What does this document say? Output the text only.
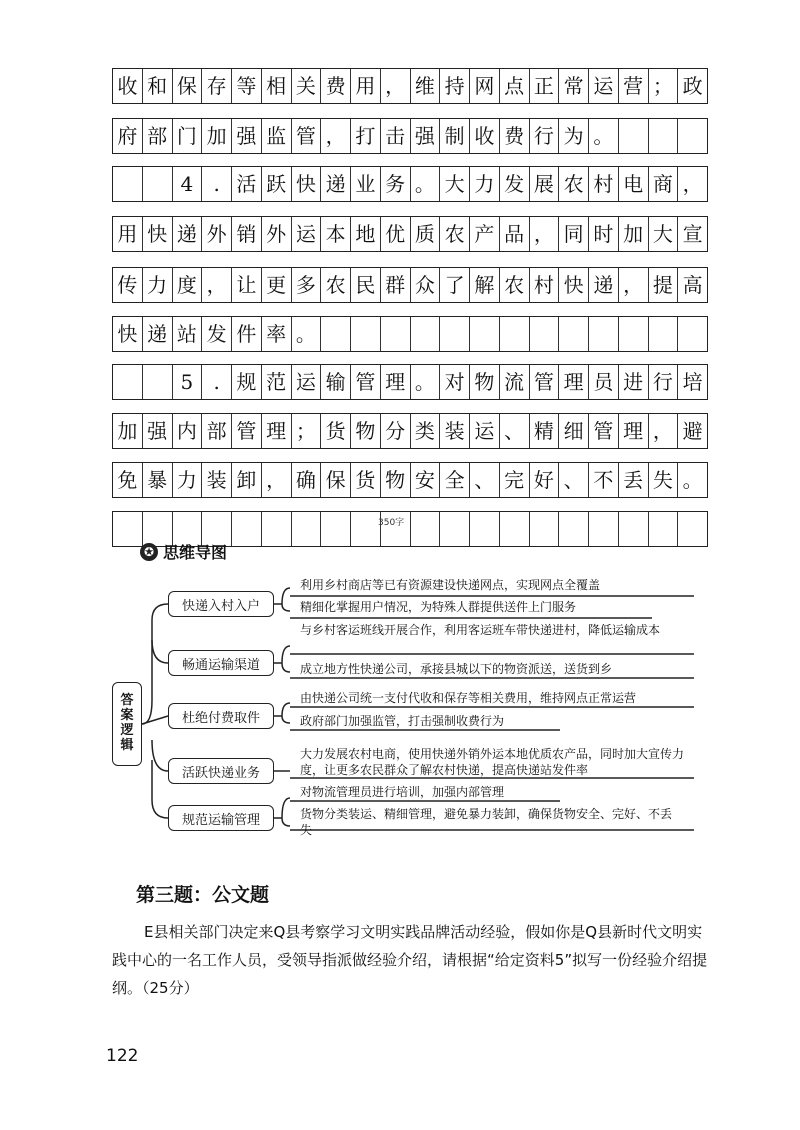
收 和 保 存 等 相 关 费 用 ， 维 持 网 点 正 常 运 营 ； 政
府 部 门 加 强 监 管 ， 打 击 强 制 收 费 行 为 。
4	. 活 跃 快 递 业 务 。 大 力 发 展 农 村 电 商 ，
用 快 递 外 销 外 运 本 地 优 质 农 产 品 ， 同 时 加 大 宣
传 力 度 ， 让 更 多 农 民 群 众 了 解 农 村 快 递 ， 提 高
快 递 站 发 件 率 。
5	. 规 范 运 输 管 理 。 对 物 流 管 理 员 进 行 培
加 强 内 部 管 理 ； 货 物 分 类 装 运 、 精 细 管 理 ， 避
免 暴 力 装 卸 ， 确 保 货 物 安 全 、 完 好 、 不 丢 失 。
350字
✪ 思维导图
答
案
逻
辑
快递入村入户
畅通运输渠道
杜绝付费取件
活跃快递业务
规范运输管理
利用乡村商店等已有资源建设快递网点，实现网点全覆盖
精细化掌握用户情况，为特殊人群提供送件上门服务
与乡村客运班线开展合作，利用客运班车带快递进村，降低运输成本
成立地方性快递公司，承接县城以下的物资派送，送货到乡
由快递公司统一支付代收和保存等相关费用，维持网点正常运营
政府部门加强监管，打击强制收费行为
大力发展农村电商，使用快递外销外运本地优质农产品，同时加大宣传力度，让更多农民群众了解农村快递，提高快递站发件率
对物流管理员进行培训，加强内部管理
货物分类装运、精细管理，避免暴力装卸，确保货物安全、完好、不丢失
第三题：公文题
E县相关部门决定来Q县考察学习文明实践品牌活动经验，假如你是Q县新时代文明实践中心的一名工作人员，受领导指派做经验介绍，请根据“给定资料5”拟写一份经验介绍提纲。（25分）
122
